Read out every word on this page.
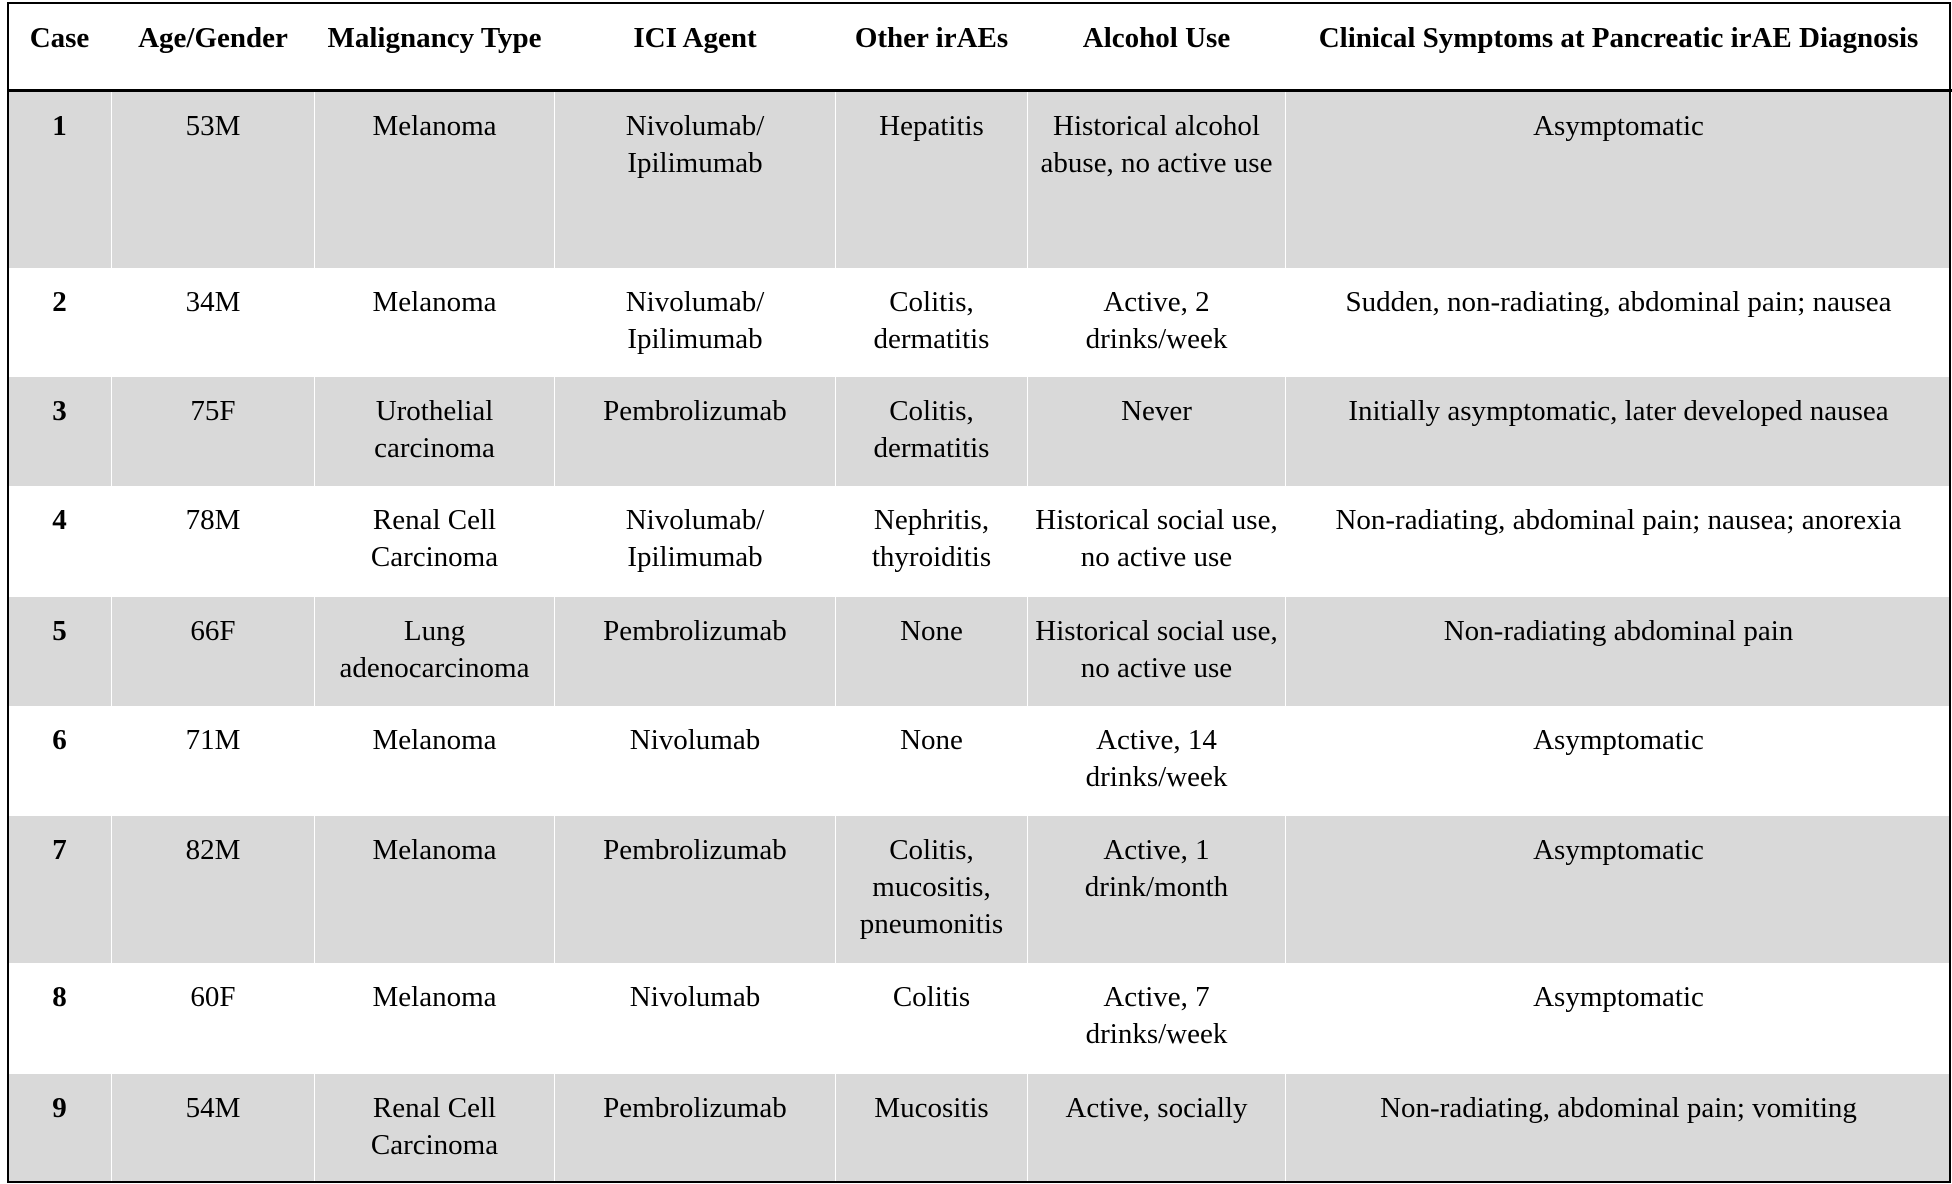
Case	Age/Gender	Malignancy Type	ICI Agent	Other irAEs	Alcohol Use	Clinical Symptoms at Pancreatic irAE Diagnosis
1	53M	Melanoma	Nivolumab/ Ipilimumab	Hepatitis	Historical alcohol abuse, no active use	Asymptomatic
2	34M	Melanoma	Nivolumab/ Ipilimumab	Colitis, dermatitis	Active, 2 drinks/week	Sudden, non-radiating, abdominal pain; nausea
3	75F	Urothelial carcinoma	Pembrolizumab	Colitis, dermatitis	Never	Initially asymptomatic, later developed nausea
4	78M	Renal Cell Carcinoma	Nivolumab/ Ipilimumab	Nephritis, thyroiditis	Historical social use, no active use	Non-radiating, abdominal pain; nausea; anorexia
5	66F	Lung adenocarcinoma	Pembrolizumab	None	Historical social use, no active use	Non-radiating abdominal pain
6	71M	Melanoma	Nivolumab	None	Active, 14 drinks/week	Asymptomatic
7	82M	Melanoma	Pembrolizumab	Colitis, mucositis, pneumonitis	Active, 1 drink/month	Asymptomatic
8	60F	Melanoma	Nivolumab	Colitis	Active, 7 drinks/week	Asymptomatic
9	54M	Renal Cell Carcinoma	Pembrolizumab	Mucositis	Active, socially	Non-radiating, abdominal pain; vomiting
